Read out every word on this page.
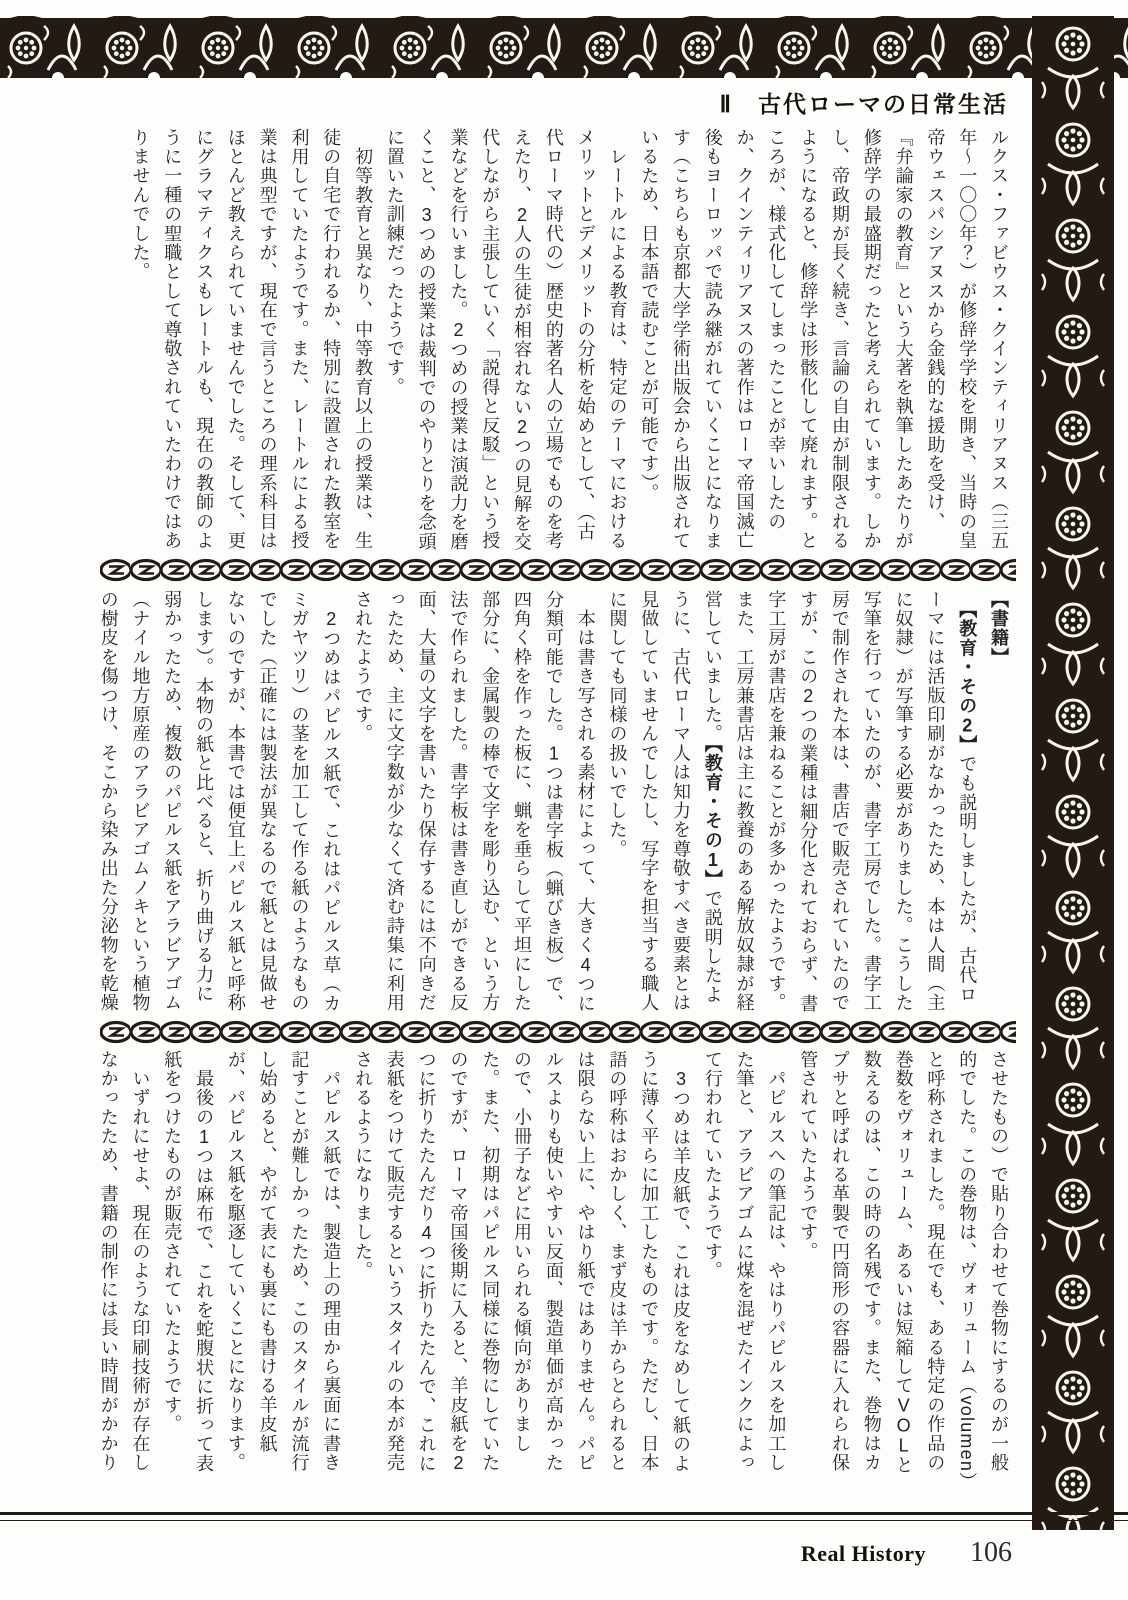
Ⅱ　古代ローマの日常生活

ルクス・ファビウス・クインティリアヌス（三五年～一〇〇年？）が修辞学学校を開き、当時の皇帝ウェスパシアヌスから金銭的な援助を受け、『弁論家の教育』という大著を執筆したあたりが修辞学の最盛期だったと考えられています。しかし、帝政期が長く続き、言論の自由が制限されるようになると、修辞学は形骸化して廃れます。ところが、様式化してしまったことが幸いしたのか、クインティリアヌスの著作はローマ帝国滅亡後もヨーロッパで読み継がれていくことになります（こちらも京都大学学術出版会から出版されているため、日本語で読むことが可能です）。

　レートルによる教育は、特定のテーマにおけるメリットとデメリットの分析を始めとして、（古代ローマ時代の）歴史的著名人の立場でものを考えたり、2人の生徒が相容れない2つの見解を交代しながら主張していく「説得と反駁」という授業などを行いました。2つめの授業は演説力を磨くこと、3つめの授業は裁判でのやりとりを念頭に置いた訓練だったようです。

　初等教育と異なり、中等教育以上の授業は、生徒の自宅で行われるか、特別に設置された教室を利用していたようです。また、レートルによる授業は典型ですが、現在で言うところの理系科目はほとんど教えられていませんでした。そして、更にグラマティクスもレートルも、現在の教師のように一種の聖職として尊敬されていたわけではありませんでした。

【書籍】

　【教育・その2】でも説明しましたが、古代ローマには活版印刷がなかったため、本は人間（主に奴隷）が写筆する必要がありました。こうした写筆を行っていたのが、書字工房でした。書字工房で制作された本は、書店で販売されていたのですが、この2つの業種は細分化されておらず、書字工房が書店を兼ねることが多かったようです。また、工房兼書店は主に教養のある解放奴隷が経営していました。【教育・その1】で説明したように、古代ローマ人は知力を尊敬すべき要素とは見做していませんでしたし、写字を担当する職人に関しても同様の扱いでした。

　本は書き写される素材によって、大きく4つに分類可能でした。1つは書字板（蝋びき板）で、四角く枠を作った板に、蝋を垂らして平坦にした部分に、金属製の棒で文字を彫り込む、という方法で作られました。書字板は書き直しができる反面、大量の文字を書いたり保存するには不向きだったため、主に文字数が少なくて済む詩集に利用されたようです。

　2つめはパピルス紙で、これはパピルス草（カミガヤツリ）の茎を加工して作る紙のようなものでした（正確には製法が異なるので紙とは見做せないのですが、本書では便宜上パピルス紙と呼称します）。本物の紙と比べると、折り曲げる力に弱かったため、複数のパピルス紙をアラビアゴム（ナイル地方原産のアラビアゴムノキという植物の樹皮を傷つけ、そこから染み出た分泌物を乾燥

させたもの）で貼り合わせて巻物にするのが一般的でした。この巻物は、ヴォリューム（volumen）と呼称されました。現在でも、ある特定の作品の巻数をヴォリューム、あるいは短縮してVOLと数えるのは、この時の名残です。また、巻物はカプサと呼ばれる革製で円筒形の容器に入れられ保管されていたようです。

　パピルスへの筆記は、やはりパピルスを加工した筆と、アラビアゴムに煤を混ぜたインクによって行われていたようです。

　3つめは羊皮紙で、これは皮をなめして紙のように薄く平らに加工したものです。ただし、日本語の呼称はおかしく、まず皮は羊からとられるとは限らない上に、やはり紙ではありません。パピルスよりも使いやすい反面、製造単価が高かったので、小冊子などに用いられる傾向がありました。また、初期はパピルス同様に巻物にしていたのですが、ローマ帝国後期に入ると、羊皮紙を2つに折りたたんだり4つに折りたたんで、これに表紙をつけて販売するというスタイルの本が発売されるようになりました。

　パピルス紙では、製造上の理由から裏面に書き記すことが難しかったため、このスタイルが流行し始めると、やがて表にも裏にも書ける羊皮紙が、パピルス紙を駆逐していくことになります。

　最後の1つは麻布で、これを蛇腹状に折って表紙をつけたものが販売されていたようです。

　いずれにせよ、現在のような印刷技術が存在しなかったため、書籍の制作には長い時間がかかり

Real History 106
